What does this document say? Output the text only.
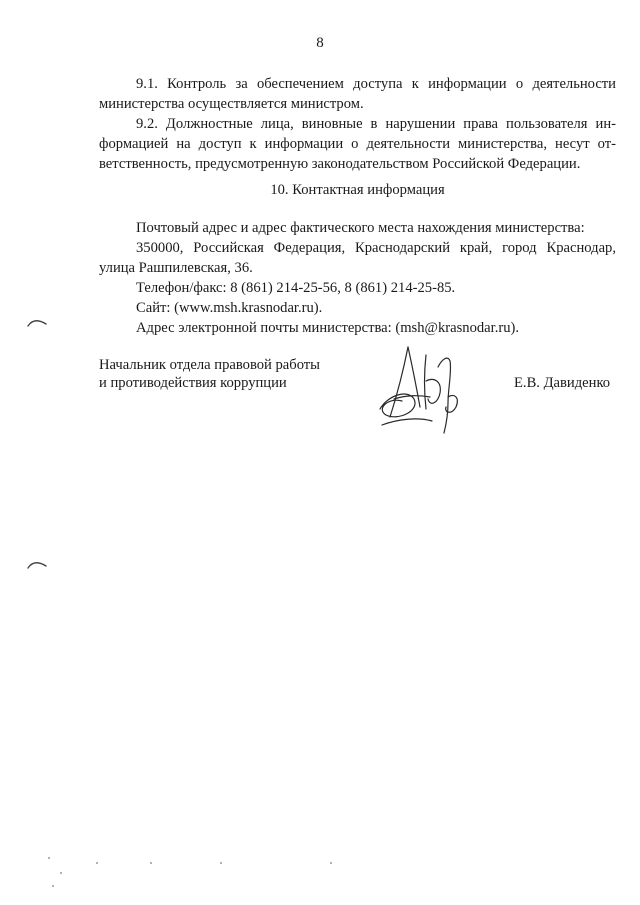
8
9.1. Контроль за обеспечением доступа к информации о деятельности
министерства осуществляется министром.
9.2. Должностные лица, виновные в нарушении права пользователя ин-
формацией на доступ к информации о деятельности министерства, несут от-
ветственность, предусмотренную законодательством Российской Федерации.
10. Контактная информация
Почтовый адрес и адрес фактического места нахождения министерства:
350000, Российская Федерация, Краснодарский край, город Краснодар,
улица Рашпилевская, 36.
Телефон/факс: 8 (861) 214-25-56, 8 (861) 214-25-85.
Сайт: (www.msh.krasnodar.ru).
Адрес электронной почты министерства: (msh@krasnodar.ru).
Начальник отдела правовой работы
и противодействия коррупции	Е.В. Давиденко
